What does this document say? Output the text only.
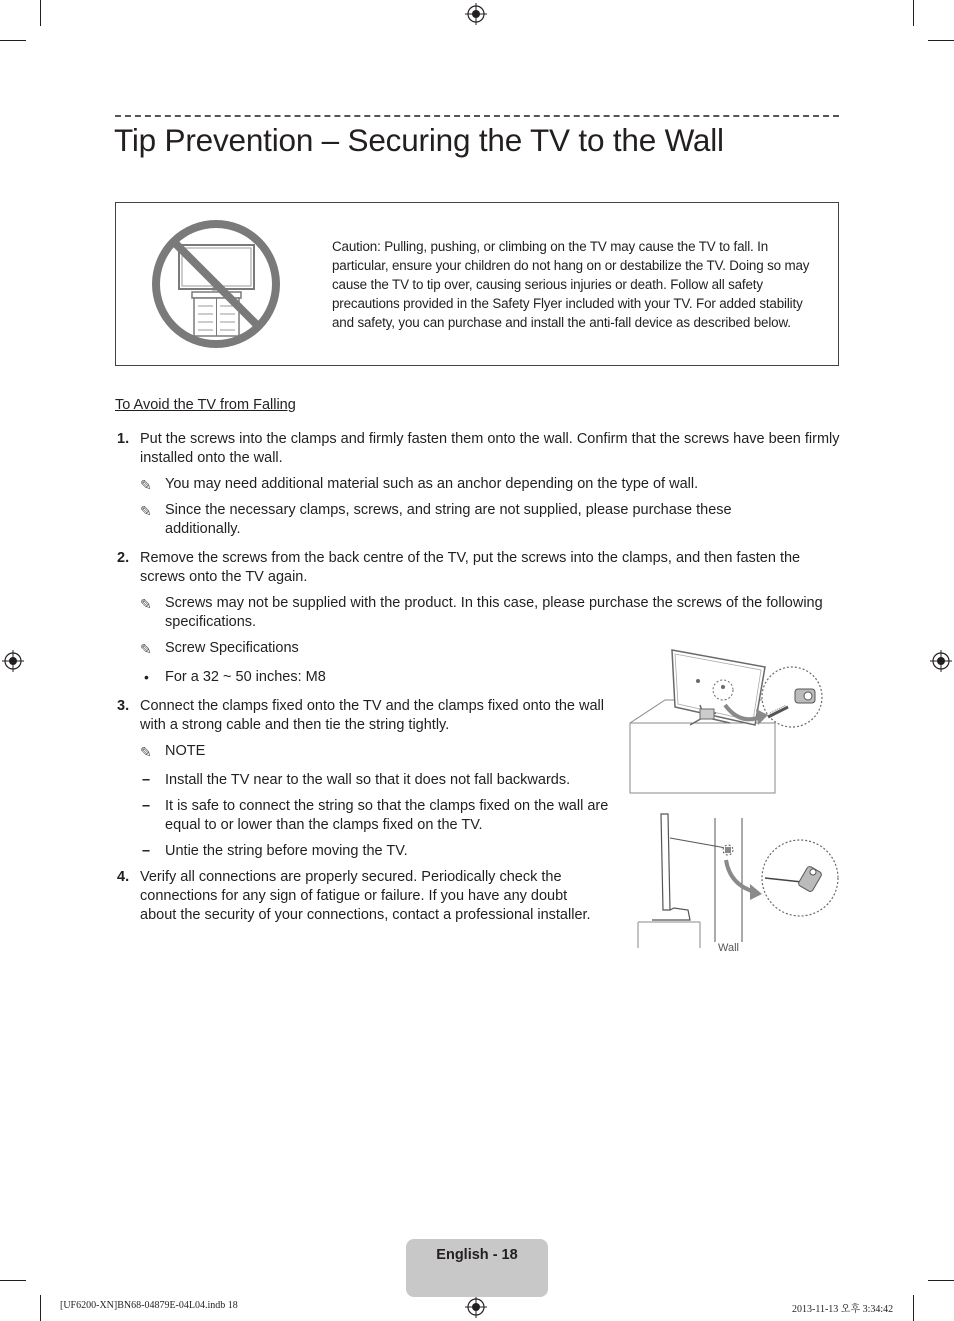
Tip Prevention – Securing the TV to the Wall
Caution: Pulling, pushing, or climbing on the TV may cause the TV to fall. In particular, ensure your children do not hang on or destabilize the TV. Doing so may cause the TV to tip over, causing serious injuries or death. Follow all safety precautions provided in the Safety Flyer included with your TV. For added stability and safety, you can purchase and install the anti-fall device as described below.
To Avoid the TV from Falling
1. Put the screws into the clamps and firmly fasten them onto the wall. Confirm that the screws have been firmly installed onto the wall.
✎ You may need additional material such as an anchor depending on the type of wall.
✎ Since the necessary clamps, screws, and string are not supplied, please purchase these additionally.
2. Remove the screws from the back centre of the TV, put the screws into the clamps, and then fasten the screws onto the TV again.
✎ Screws may not be supplied with the product. In this case, please purchase the screws of the following specifications.
✎ Screw Specifications
• For a 32 ~ 50 inches: M8
3. Connect the clamps fixed onto the TV and the clamps fixed onto the wall with a strong cable and then tie the string tightly.
✎ NOTE
– Install the TV near to the wall so that it does not fall backwards.
– It is safe to connect the string so that the clamps fixed on the wall are equal to or lower than the clamps fixed on the TV.
– Untie the string before moving the TV.
4. Verify all connections are properly secured. Periodically check the connections for any sign of fatigue or failure. If you have any doubt about the security of your connections, contact a professional installer.
Wall
English - 18
[UF6200-XN]BN68-04879E-04L04.indb 18	2013-11-13 오후 3:34:42
